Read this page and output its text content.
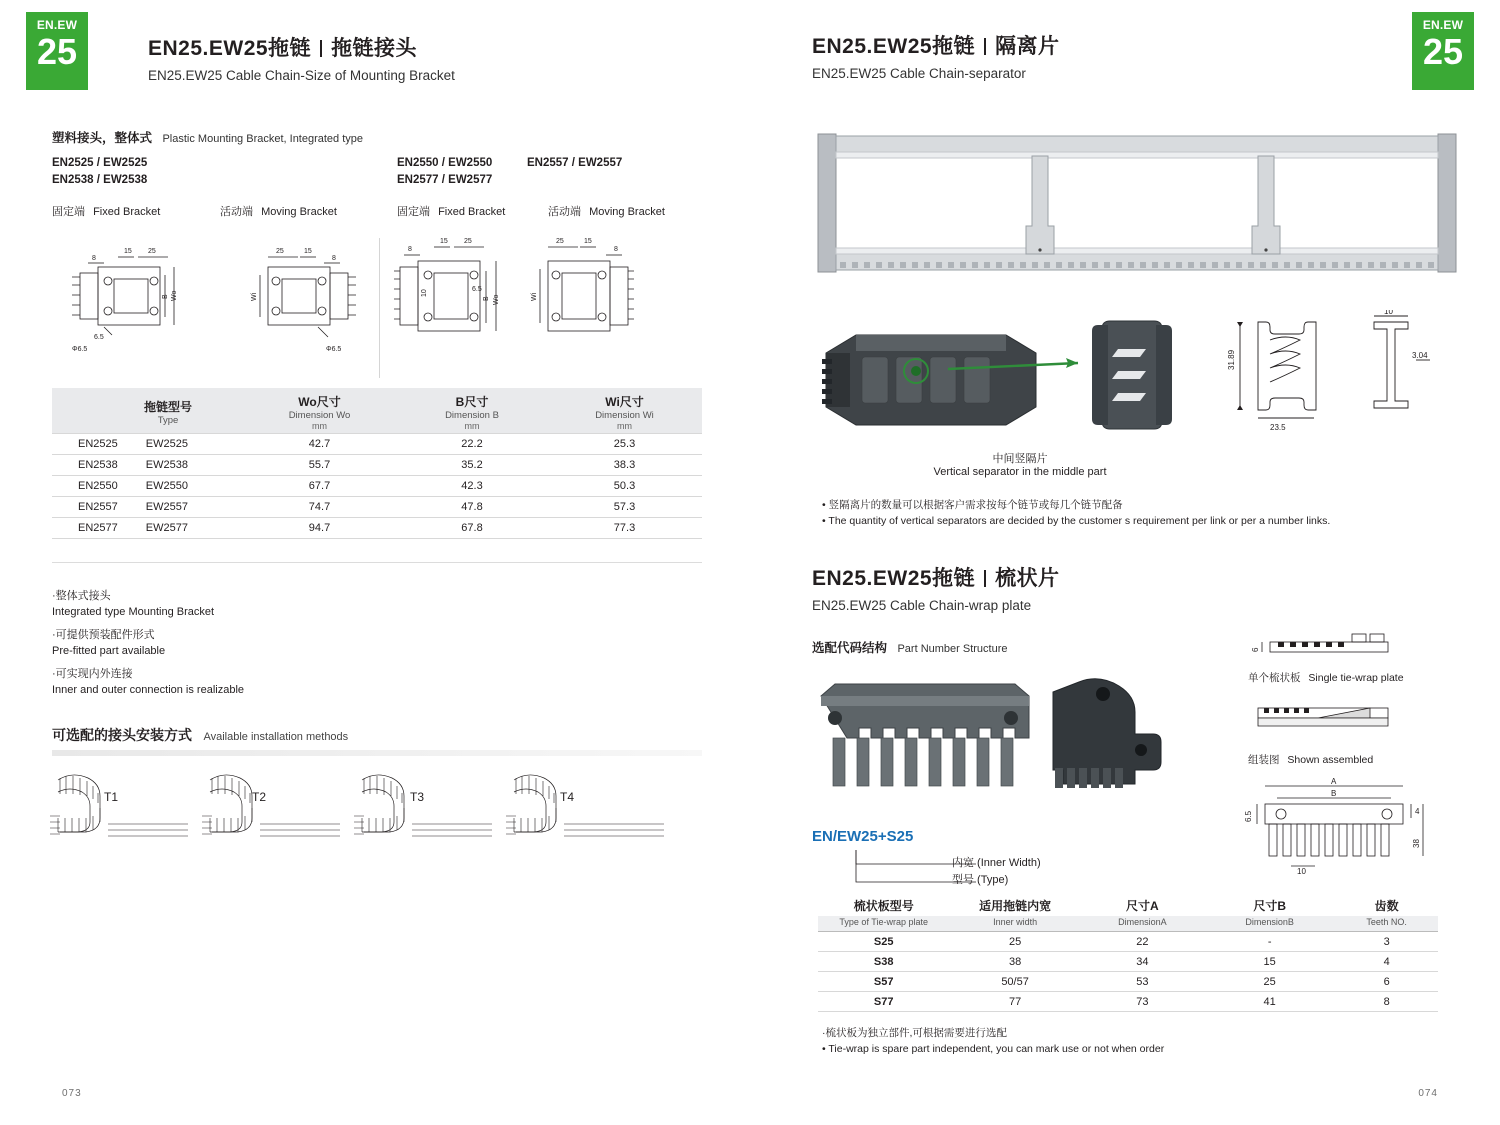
EN.EW
25
EN.EW
25
EN25.EW25拖链 拖链接头
EN25.EW25 Cable Chain-Size of Mounting Bracket
塑料接头，整体式 Plastic Mounting Bracket, Integrated type
EN2525 / EW2525
EN2538 / EW2538
EN2550 / EW2550
EN2577 / EW2577
EN2557 / EW2557
固定端 Fixed Bracket	活动端 Moving Bracket	固定端 Fixed Bracket	活动端 Moving Bracket
8
15 25
B Wo
6.5
Φ6.5
25	15
8
Wi
Φ6.5
8
15 25
10	6.5
B Wo
25	15
8
Wi
拖链型号
Type

Wo尺寸
Dimension Wo
mm

B尺寸
Dimension B
mm

Wi尺寸
Dimension Wi
mm

EN2525 EW2525	42.7	22.2	25.3
EN2538 EW2538	55.7	35.2	38.3
EN2550 EW2550	67.7	42.3	50.3
EN2557 EW2557	74.7	47.8	57.3
EN2577 EW2577	94.7	67.8	77.3
·整体式接头
Integrated type Mounting Bracket
·可提供预装配件形式
Pre-fitted part available
·可实现内外连接
Inner and outer connection is realizable
可选配的接头安装方式 Available installation methods
T1	T2	T3	T4
073
EN25.EW25拖链 隔离片
EN25.EW25 Cable Chain-separator
中间竖隔片
Vertical separator in the middle part
31.89
23.5
10
3.04
• 竖隔离片的数量可以根据客户需求按每个链节或每几个链节配备
• The quantity of vertical separators are decided by the customer s requirement per link or per a number links.
EN25.EW25拖链 梳状片
EN25.EW25 Cable Chain-wrap plate
选配代码结构 Part Number Structure
EN/EW25+S25
内宽 (Inner Width)
型号 (Type)
6
单个梳状板 Single tie-wrap plate
组装图 Shown assembled
A
B
6.5	4
38
10
梳状板型号	适用拖链内宽	尺寸A	尺寸B	齿数
Type of Tie-wrap plate	Inner width	DimensionA	DimensionB	Teeth NO.
S25	25	22	-	3
S38	38	34	15	4
S57	50/57	53	25	6
S77	77	73	41	8
·梳状板为独立部件,可根据需要进行选配
• Tie-wrap is spare part independent, you can mark use or not when order
074
